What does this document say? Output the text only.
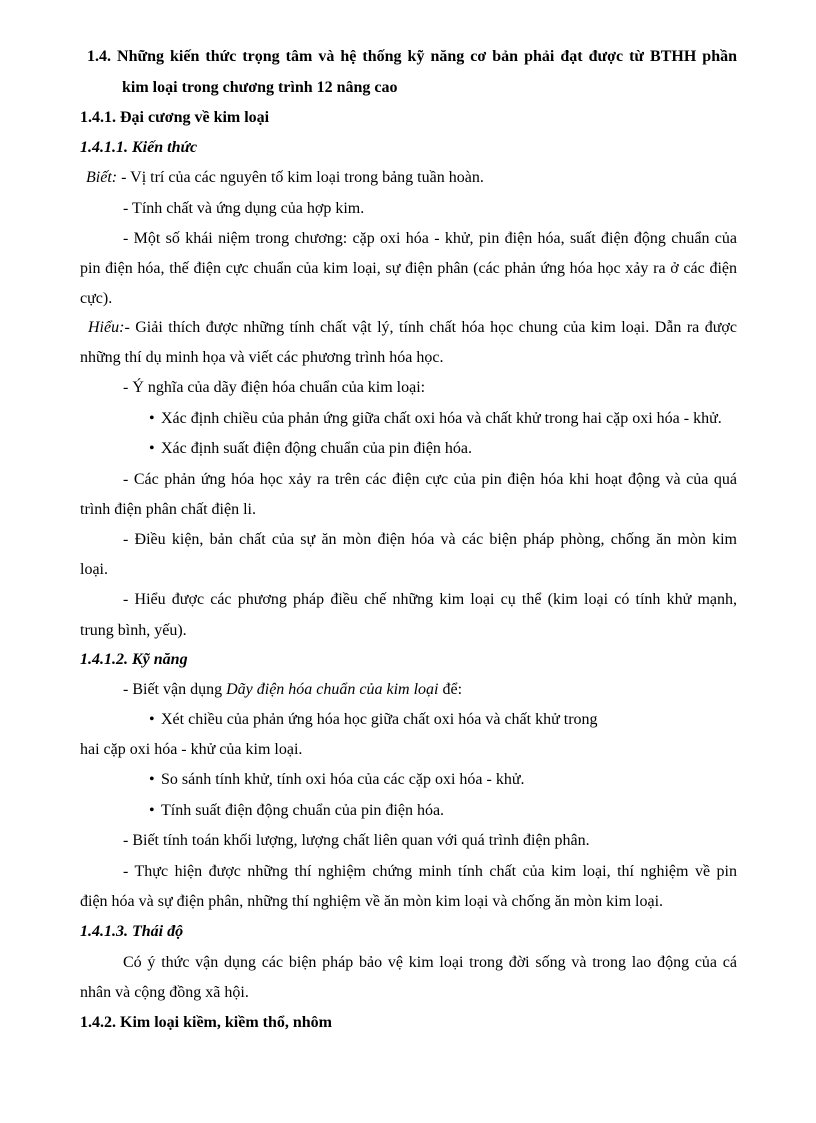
1.4. Những kiến thức trọng tâm và hệ thống kỹ năng cơ bản phải đạt được từ BTHH phần
kim loại trong chương trình 12 nâng cao
1.4.1. Đại cương về kim loại
1.4.1.1. Kiến thức
Biết: - Vị trí của các nguyên tố kim loại trong bảng tuần hoàn.
- Tính chất và ứng dụng của hợp kim.
- Một số khái niệm trong chương: cặp oxi hóa - khử, pin điện hóa, suất điện động chuẩn của
pin điện hóa, thế điện cực chuẩn của kim loại, sự điện phân (các phản ứng hóa học xảy ra ở các điện
cực).
Hiểu:- Giải thích được những tính chất vật lý, tính chất hóa học chung của kim loại. Dẫn ra được
những thí dụ minh họa và viết các phương trình hóa học.
- Ý nghĩa của dãy điện hóa chuẩn của kim loại:
• Xác định chiều của phản ứng giữa chất oxi hóa và chất khử trong hai cặp oxi hóa - khử.
• Xác định suất điện động chuẩn của pin điện hóa.
- Các phản ứng hóa học xảy ra trên các điện cực của pin điện hóa khi hoạt động và của quá
trình điện phân chất điện li.
- Điều kiện, bản chất của sự ăn mòn điện hóa và các biện pháp phòng, chống ăn mòn kim
loại.
- Hiểu được các phương pháp điều chế những kim loại cụ thể (kim loại có tính khử mạnh,
trung bình, yếu).
1.4.1.2. Kỹ năng
- Biết vận dụng Dãy điện hóa chuẩn của kim loại để:
• Xét chiều của phản ứng hóa học giữa chất oxi hóa và chất khử trong
hai cặp oxi hóa - khử của kim loại.
• So sánh tính khử, tính oxi hóa của các cặp oxi hóa - khử.
• Tính suất điện động chuẩn của pin điện hóa.
- Biết tính toán khối lượng, lượng chất liên quan với quá trình điện phân.
- Thực hiện được những thí nghiệm chứng minh tính chất của kim loại, thí nghiệm về pin
điện hóa và sự điện phân, những thí nghiệm về ăn mòn kim loại và chống ăn mòn kim loại.
1.4.1.3. Thái độ
Có ý thức vận dụng các biện pháp bảo vệ kim loại trong đời sống và trong lao động của cá
nhân và cộng đồng xã hội.
1.4.2. Kim loại kiềm, kiềm thổ, nhôm
